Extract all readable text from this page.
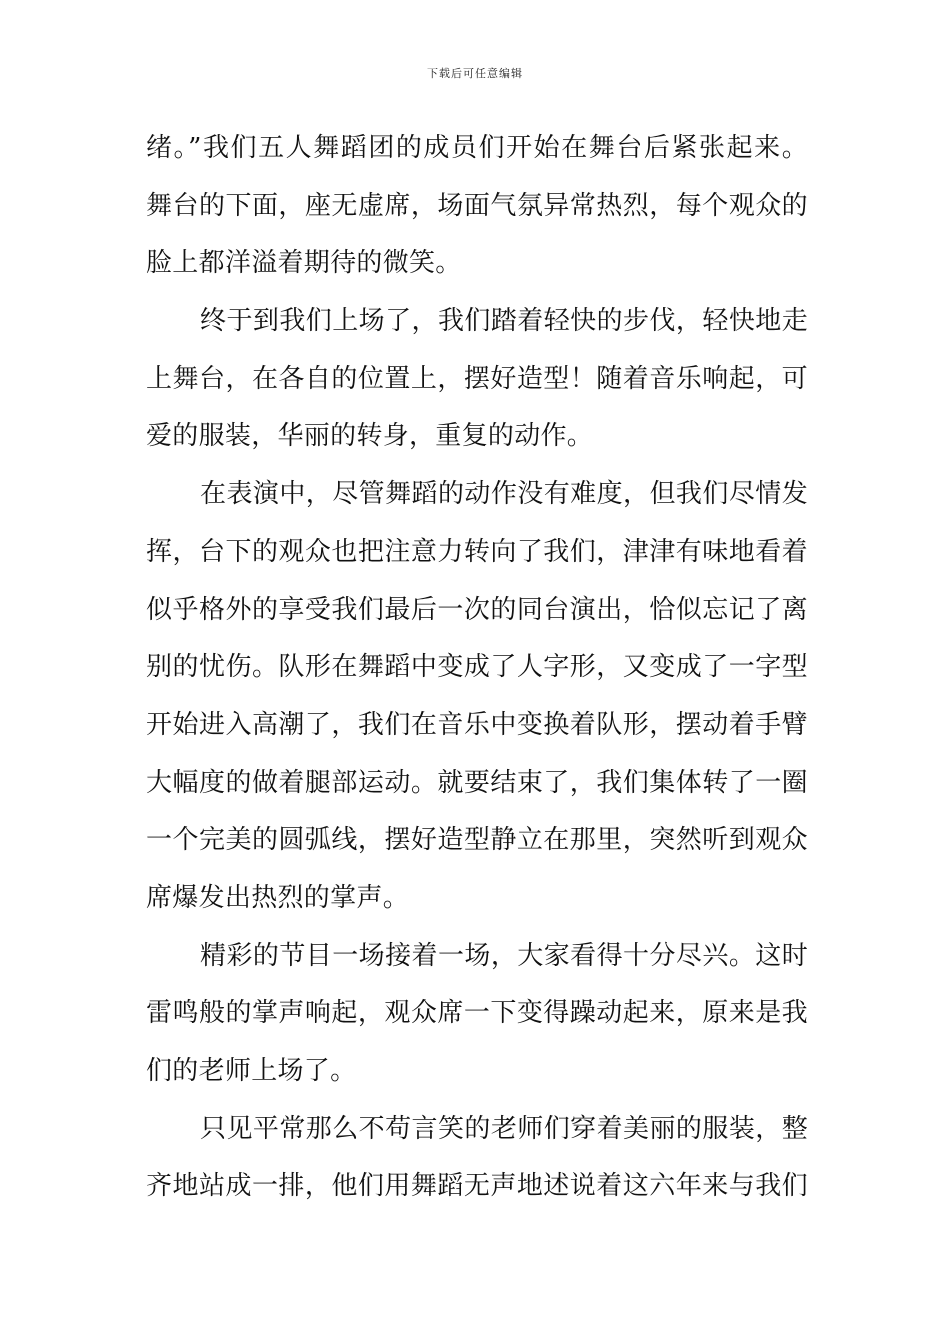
下载后可任意编辑
绪。”我们五人舞蹈团的成员们开始在舞台后紧张起来。
舞台的下面，座无虚席，场面气氛异常热烈，每个观众的
脸上都洋溢着期待的微笑。
终于到我们上场了，我们踏着轻快的步伐，轻快地走
上舞台，在各自的位置上，摆好造型！随着音乐响起，可
爱的服装，华丽的转身，重复的动作。
在表演中，尽管舞蹈的动作没有难度，但我们尽情发
挥，台下的观众也把注意力转向了我们，津津有味地看着
似乎格外的享受我们最后一次的同台演出，恰似忘记了离
别的忧伤。队形在舞蹈中变成了人字形，又变成了一字型
开始进入高潮了，我们在音乐中变换着队形，摆动着手臂
大幅度的做着腿部运动。就要结束了，我们集体转了一圈
一个完美的圆弧线，摆好造型静立在那里，突然听到观众
席爆发出热烈的掌声。
精彩的节目一场接着一场，大家看得十分尽兴。这时
雷鸣般的掌声响起，观众席一下变得躁动起来，原来是我
们的老师上场了。
只见平常那么不苟言笑的老师们穿着美丽的服装，整
齐地站成一排，他们用舞蹈无声地述说着这六年来与我们
